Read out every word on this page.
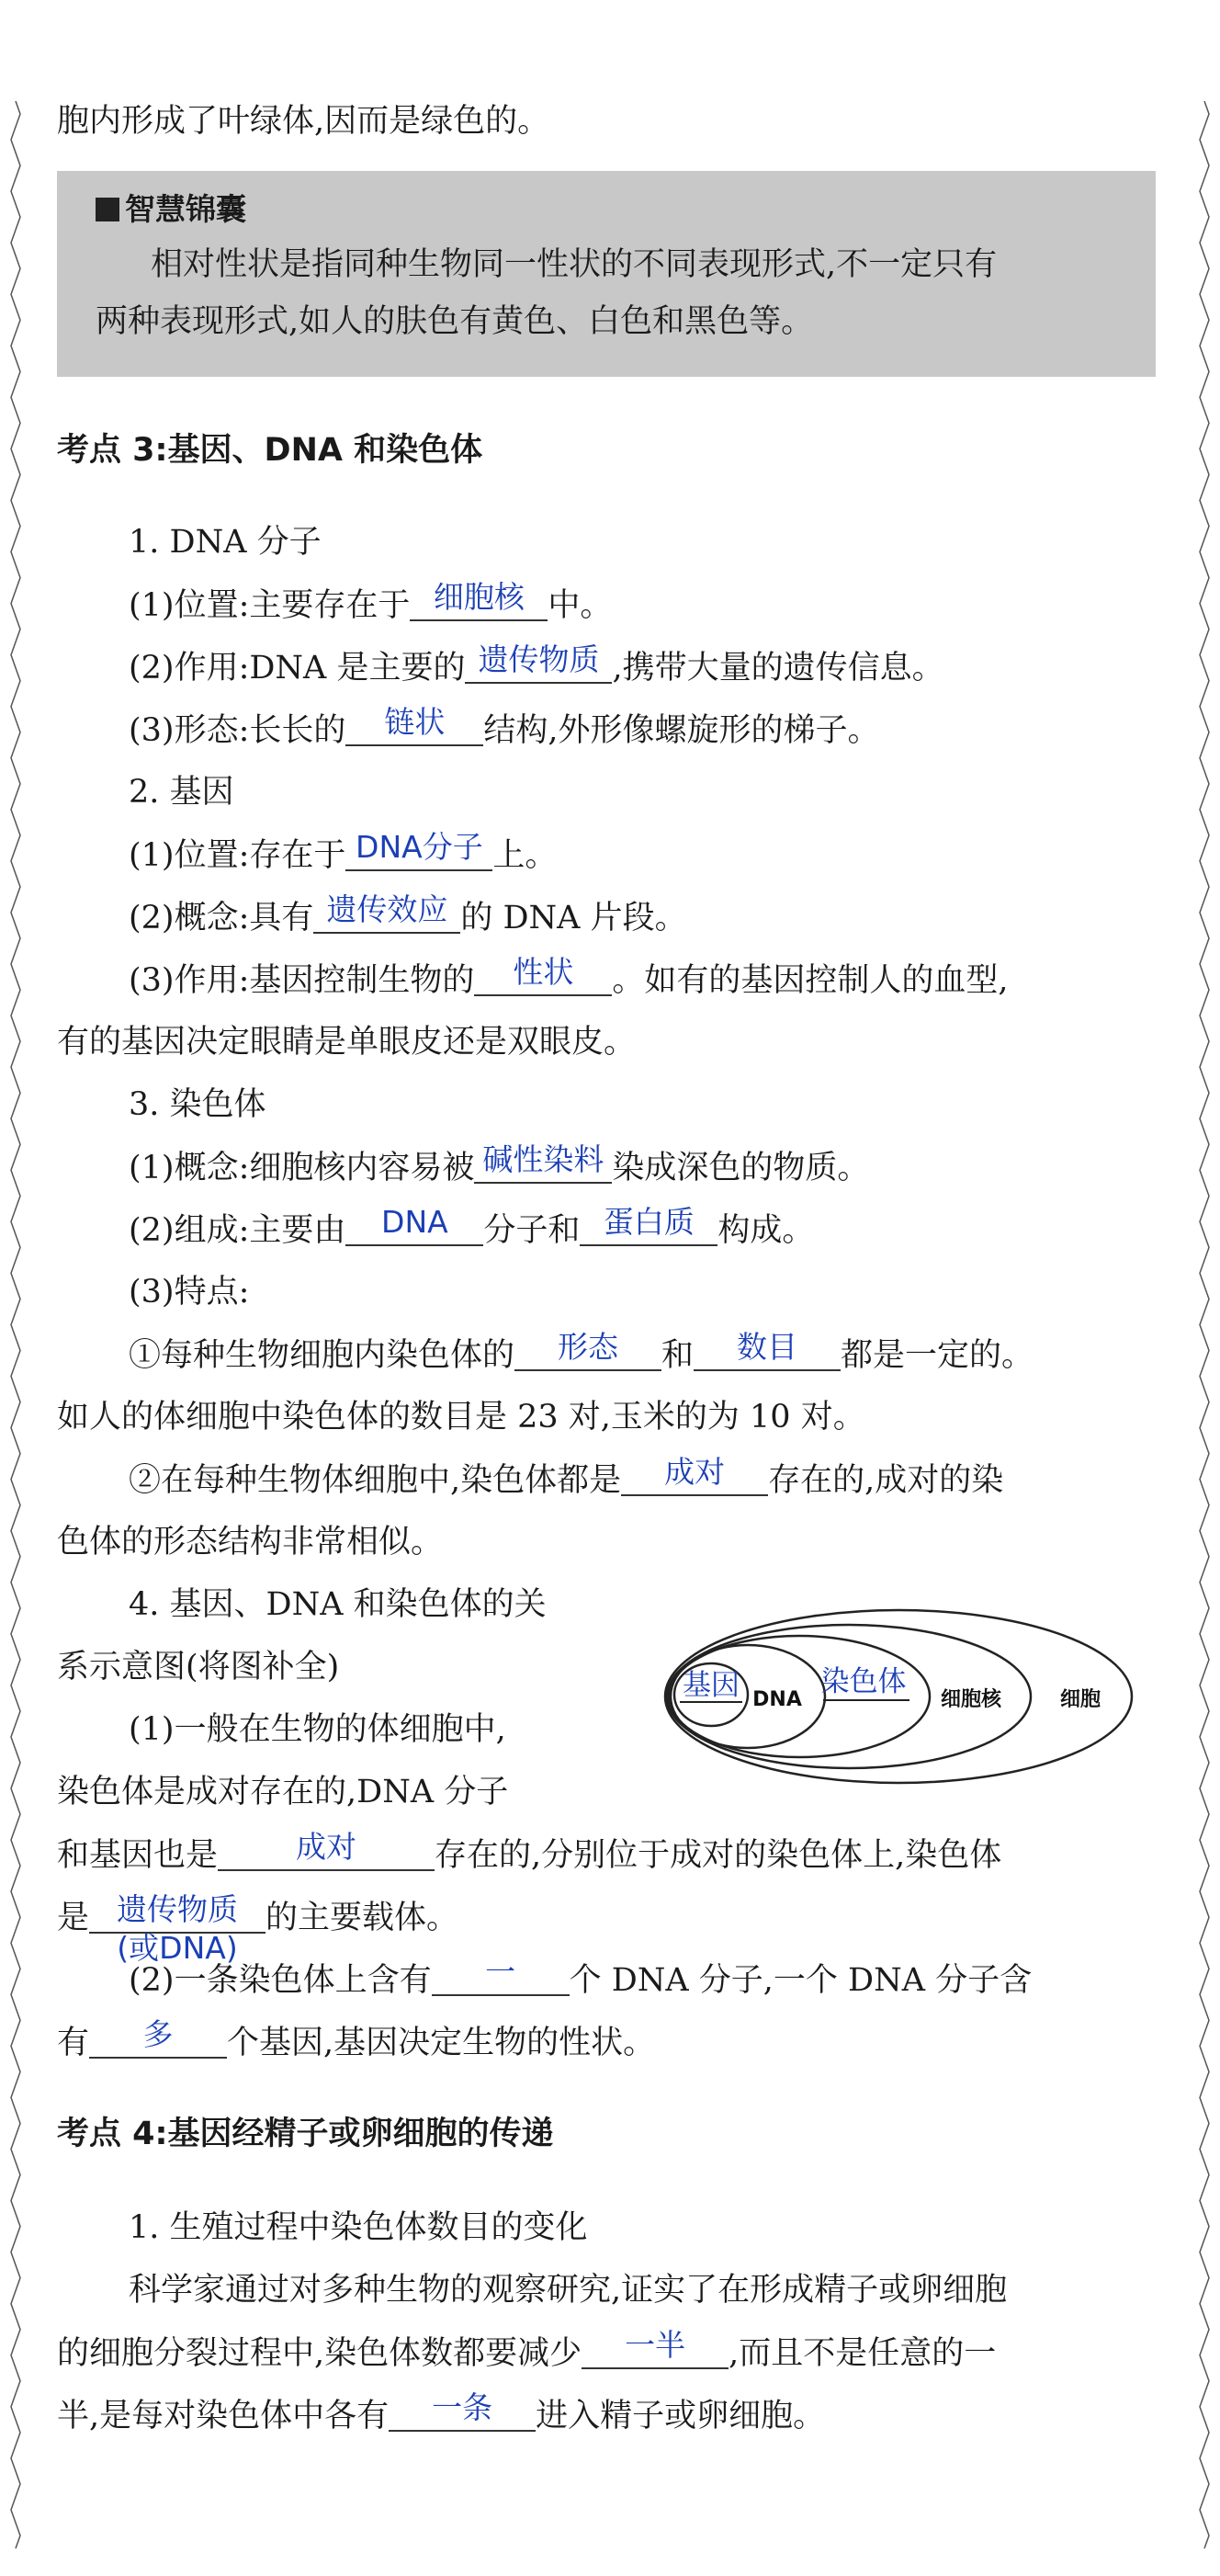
胞内形成了叶绿体,因而是绿色的。
智慧锦囊
相对性状是指同种生物同一性状的不同表现形式,不一定只有
两种表现形式,如人的肤色有黄色、白色和黑色等。
考点 3:基因、DNA 和染色体
1. DNA 分子
(1)位置:主要存在于 细胞核 中。
(2)作用:DNA 是主要的 遗传物质 ,携带大量的遗传信息。
(3)形态:长长的	链状	结构,外形像螺旋形的梯子。
2. 基因
(1)位置:存在于 DNA分子 上。
(2)概念:具有 遗传效应 的 DNA 片段。
(3)作用:基因控制生物的	性状	。如有的基因控制人的血型,
有的基因决定眼睛是单眼皮还是双眼皮。
3. 染色体
(1)概念:细胞核内容易被 碱性染料 染成深色的物质。
(2)组成:主要由	DNA	分子和 蛋白质 构成。
(3)特点:
①每种生物细胞内染色体的	形态	和	数目	都是一定的。
如人的体细胞中染色体的数目是 23 对,玉米的为 10 对。
②在每种生物体细胞中,染色体都是	成对	存在的,成对的染
色体的形态结构非常相似。
4. 基因、DNA 和染色体的关
系示意图(将图补全)
(1)一般在生物的体细胞中,
染色体是成对存在的,DNA 分子
和基因也是	成对	存在的,分别位于成对的染色体上,染色体
是 遗传物质
(或DNA)
的主要载体。
(2)一条染色体上含有	一	个 DNA 分子,一个 DNA 分子含
有	多	个基因,基因决定生物的性状。
基因 DNA
染色体
细胞核	细胞
考点 4:基因经精子或卵细胞的传递
1. 生殖过程中染色体数目的变化
科学家通过对多种生物的观察研究,证实了在形成精子或卵细胞
的细胞分裂过程中,染色体数都要减少	一半	,而且不是任意的一
半,是每对染色体中各有	一条	进入精子或卵细胞。
